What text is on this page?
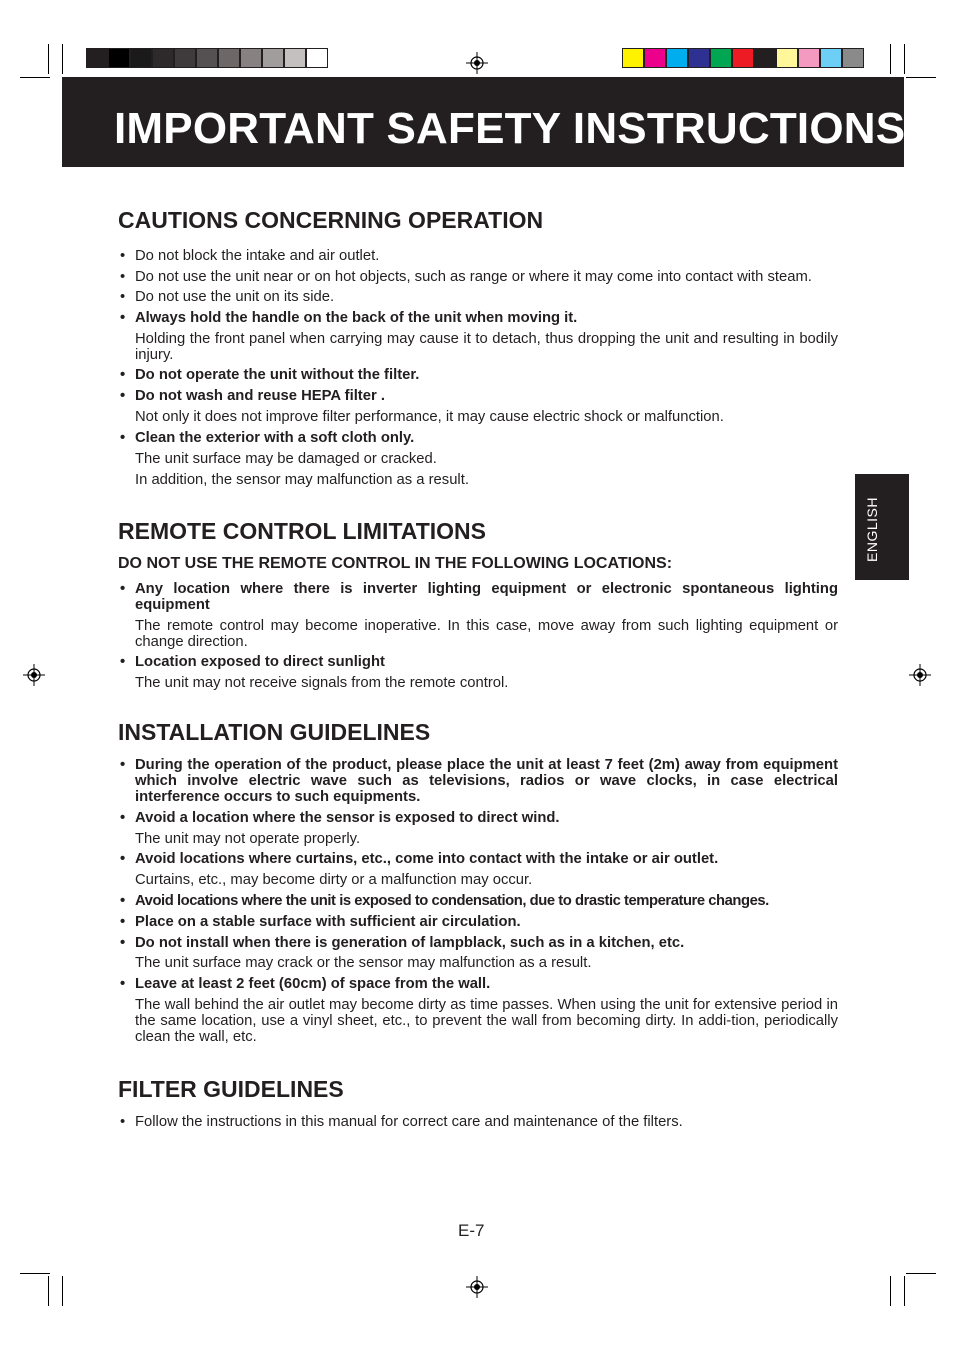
IMPORTANT SAFETY INSTRUCTIONS
ENGLISH
CAUTIONS CONCERNING OPERATION
• Do not block the intake and air outlet.
• Do not use the unit near or on hot objects, such as range or where it may come into contact with steam.
• Do not use the unit on its side.
• Always hold the handle on the back of the unit when moving it.
Holding the front panel when carrying may cause it to detach, thus dropping the unit and resulting in bodily injury.
• Do not operate the unit without the filter.
• Do not wash and reuse HEPA filter .
Not only it does not improve filter performance, it may cause electric shock or malfunction.
• Clean the exterior with a soft cloth only.
The unit surface may be damaged or cracked.
In addition, the sensor may malfunction as a result.
REMOTE CONTROL LIMITATIONS
DO NOT USE THE REMOTE CONTROL IN THE FOLLOWING LOCATIONS:
• Any location where there is inverter lighting equipment or electronic spontaneous lighting equipment
The remote control may become inoperative. In this case, move away from such lighting equipment or change direction.
• Location exposed to direct sunlight
The unit may not receive signals from the remote control.
INSTALLATION GUIDELINES
• During the operation of the product, please place the unit at least 7 feet (2m) away from equipment which involve electric wave such as televisions, radios or wave clocks, in case electrical interference occurs to such equipments.
• Avoid a location where the sensor is exposed to direct wind.
The unit may not operate properly.
• Avoid locations where curtains, etc., come into contact with the intake or air outlet.
Curtains, etc., may become dirty or a malfunction may occur.
• Avoid locations where the unit is exposed to condensation, due to drastic temperature changes.
• Place on a stable surface with sufficient air circulation.
• Do not install when there is generation of lampblack, such as in a kitchen, etc.
The unit surface may crack or the sensor may malfunction as a result.
• Leave at least 2 feet (60cm) of space from the wall.
The wall behind the air outlet may become dirty as time passes. When using the unit for extensive period in the same location, use a vinyl sheet, etc., to prevent the wall from becoming dirty. In addi-tion, periodically clean the wall, etc.
FILTER GUIDELINES
• Follow the instructions in this manual for correct care and maintenance of the filters.
E-7
